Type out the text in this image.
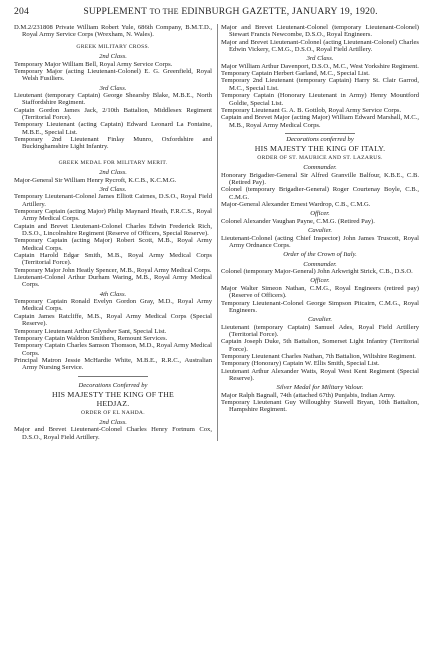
204	SUPPLEMENT TO THE EDINBURGH GAZETTE, JANUARY 19, 1920.

D.M.2/231808 Private William Robert Yule, 686th Company, B.M.T.D., Royal Army Service Corps (Wrexham, N. Wales).

GREEK MILITARY CROSS.

2nd Class.

Temporary Major William Bell, Royal Army Service Corps.

Temporary Major (acting Lieutenant-Colonel) E. G. Greenfield, Royal Welsh Fusiliers.

3rd Class.

Lieutenant (temporary Captain) George Shearsby Blake, M.B.E., North Staffordshire Regiment.

Captain Gordon James Jack, 2/10th Battalion, Middlesex Regiment (Territorial Force).

Temporary Lieutenant (acting Captain) Edward Leonard La Fontaine, M.B.E., Special List.

Temporary 2nd Lieutenant Finlay Munro, Oxfordshire and Buckinghamshire Light Infantry.

GREEK MEDAL FOR MILITARY MERIT.

2nd Class.

Major-General Sir William Henry Rycroft, K.C.B., K.C.M.G.

3rd Class.

Temporary Lieutenant-Colonel James Elliott Cairnes, D.S.O., Royal Field Artillery.

Temporary Captain (acting Major) Philip Maynard Heath, F.R.C.S., Royal Army Medical Corps.

Captain and Brevet Lieutenant-Colonel Charles Edwin Frederick Rich, D.S.O., Lincolnshire Regiment (Reserve of Officers, Special Reserve).

Temporary Captain (acting Major) Robert Scott, M.B., Royal Army Medical Corps.

Captain Harold Edgar Smith, M.B., Royal Army Medical Corps (Territorial Force).

Temporary Major John Heatly Spencer, M.B., Royal Army Medical Corps.

Lieutenant-Colonel Arthur Durham Waring, M.B., Royal Army Medical Corps.

4th Class.

Temporary Captain Ronald Evelyn Gordon Gray, M.D., Royal Army Medical Corps.

Captain James Ratcliffe, M.B., Royal Army Medical Corps (Special Reserve).

Temporary Lieutenant Arthur Glyndwr Sant, Special List.

Temporary Captain Waldron Smithers, Remount Services.

Temporary Captain Charles Samson Thomson, M.D., Royal Army Medical Corps.

Principal Matron Jessie McHardie White, M.B.E., R.R.C., Australian Army Nursing Service.

Decorations Conferred by

HIS MAJESTY THE KING OF THE

HEDJAZ.

ORDER OF EL NAHDA.

2nd Class.

Major and Brevet Lieutenant-Colonel Charles Henry Fortnum Cox, D.S.O., Royal Field Artillery.

Major and Brevet Lieutenant-Colonel (temporary Lieutenant-Colonel) Stewart Francis Newcombe, D.S.O., Royal Engineers.

Major and Brevet Lieutenant-Colonel (acting Lieutenant-Colonel) Charles Edwin Vickery, C.M.G., D.S.O., Royal Field Artillery.

3rd Class.

Major William Arthur Davenport, D.S.O., M.C., West Yorkshire Regiment.

Temporary Captain Herbert Garland, M.C., Special List.

Temporary 2nd Lieutenant (temporary Captain) Harry St. Clair Garrod, M.C., Special List.

Temporary Captain (Honorary Lieutenant in Army) Henry Mountford Goldie, Special List.

Temporary Lieutenant G. A. B. Gottlob, Royal Army Service Corps.

Captain and Brevet Major (acting Major) William Edward Marshall, M.C., M.B., Royal Army Medical Corps.

Decorations conferred by

HIS MAJESTY THE KING OF ITALY.

ORDER OF ST. MAURICE AND ST. LAZARUS.

Commander.

Honorary Brigadier-General Sir Alfred Granville Balfour, K.B.E., C.B. (Retired Pay).

Colonel (temporary Brigadier-General) Roger Courtenay Boyle, C.B., C.M.G.

Major-General Alexander Ernest Wardrop, C.B., C.M.G.

Officer.

Colonel Alexander Vaughan Payne, C.M.G. (Retired Pay).

Cavalier.

Lieutenant-Colonel (acting Chief Inspector) John James Truscott, Royal Army Ordnance Corps.

Order of the Crown of Italy.

Commander.

Colonel (temporary Major-General) John Arkwright Strick, C.B., D.S.O.

Officer.

Major Walter Simeon Nathan, C.M.G., Royal Engineers (retired pay) (Reserve of Officers).

Temporary Lieutenant-Colonel George Simpson Pitcairn, C.M.G., Royal Engineers.

Cavalier.

Lieutenant (temporary Captain) Samuel Ades, Royal Field Artillery (Territorial Force).

Captain Joseph Duke, 5th Battalion, Somerset Light Infantry (Territorial Force).

Temporary Lieutenant Charles Nathan, 7th Battalion, Wiltshire Regiment.

Temporary (Honorary) Captain W. Ellis Smith, Special List.

Lieutenant Arthur Alexander Watts, Royal West Kent Regiment (Special Reserve).

Silver Medal for Military Valour.

Major Ralph Bagnall, 74th (attached 67th) Punjabis, Indian Army.

Temporary Lieutenant Guy Willoughby Stawell Bryan, 10th Battalion, Hampshire Regiment.
